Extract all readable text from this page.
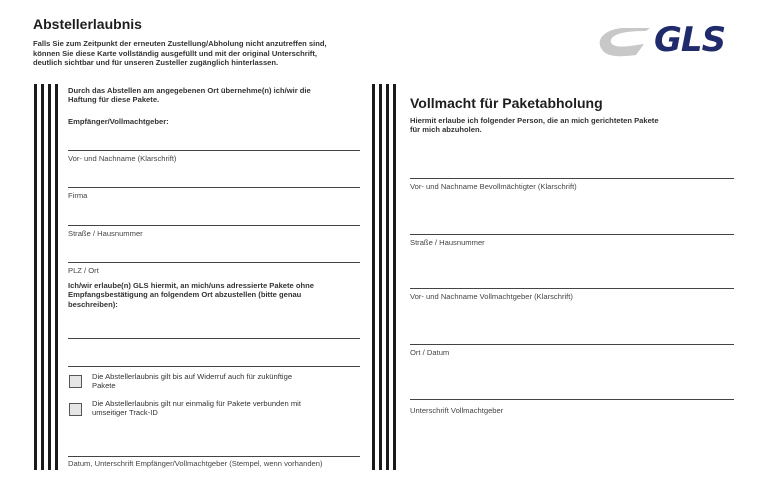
Abstellerlaubnis
Falls Sie zum Zeitpunkt der erneuten Zustellung/Abholung nicht anzutreffen sind,
können Sie diese Karte vollständig ausgefüllt und mit der original Unterschrift,
deutlich sichtbar und für unseren Zusteller zugänglich hinterlassen.
Durch das Abstellen am angegebenen Ort übernehme(n) ich/wir die
Haftung für diese Pakete.
Empfänger/Vollmachtgeber:
Vor- und Nachname (Klarschrift)
Firma
Straße / Hausnummer
PLZ / Ort
Ich/wir erlaube(n) GLS hiermit, an mich/uns adressierte Pakete ohne
Empfangsbestätigung an folgendem Ort abzustellen (bitte genau
beschreiben):
Die Abstellerlaubnis gilt bis auf Widerruf auch für zukünftige
Pakete
Die Abstellerlaubnis gilt nur einmalig für Pakete verbunden mit
umseitiger Track-ID
Datum, Unterschrift Empfänger/Vollmachtgeber (Stempel, wenn vorhanden)
GLS
Vollmacht für Paketabholung
Hiermit erlaube ich folgender Person, die an mich gerichteten Pakete
für mich abzuholen.
Vor- und Nachname Bevollmächtigter (Klarschrift)
Straße / Hausnummer
Vor- und Nachname Vollmachtgeber (Klarschrift)
Ort / Datum
Unterschrift Vollmachtgeber
